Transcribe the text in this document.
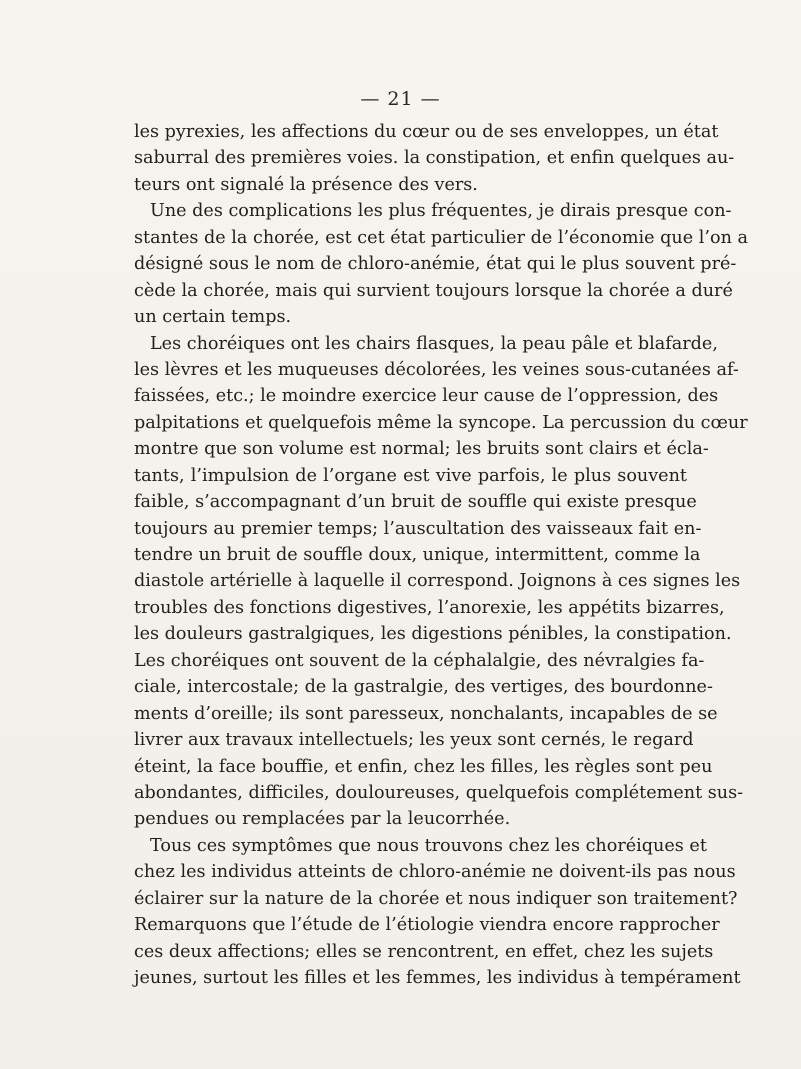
— 21 —
les pyrexies, les affections du cœur ou de ses enveloppes, un état
saburral des premières voies. la constipation, et enfin quelques au-
teurs ont signalé la présence des vers.
Une des complications les plus fréquentes, je dirais presque con-
stantes de la chorée, est cet état particulier de l’économie que l’on a
désigné sous le nom de chloro-anémie, état qui le plus souvent pré-
cède la chorée, mais qui survient toujours lorsque la chorée a duré
un certain temps.
Les choréiques ont les chairs flasques, la peau pâle et blafarde,
les lèvres et les muqueuses décolorées, les veines sous-cutanées af-
faissées, etc.; le moindre exercice leur cause de l’oppression, des
palpitations et quelquefois même la syncope. La percussion du cœur
montre que son volume est normal; les bruits sont clairs et écla-
tants, l’impulsion de l’organe est vive parfois, le plus souvent
faible, s’accompagnant d’un bruit de souffle qui existe presque
toujours au premier temps; l’auscultation des vaisseaux fait en-
tendre un bruit de souffle doux, unique, intermittent, comme la
diastole artérielle à laquelle il correspond. Joignons à ces signes les
troubles des fonctions digestives, l’anorexie, les appétits bizarres,
les douleurs gastralgiques, les digestions pénibles, la constipation.
Les choréiques ont souvent de la céphalalgie, des névralgies fa-
ciale, intercostale; de la gastralgie, des vertiges, des bourdonne-
ments d’oreille; ils sont paresseux, nonchalants, incapables de se
livrer aux travaux intellectuels; les yeux sont cernés, le regard
éteint, la face bouffie, et enfin, chez les filles, les règles sont peu
abondantes, difficiles, douloureuses, quelquefois complétement sus-
pendues ou remplacées par la leucorrhée.
Tous ces symptômes que nous trouvons chez les choréiques et
chez les individus atteints de chloro-anémie ne doivent-ils pas nous
éclairer sur la nature de la chorée et nous indiquer son traitement?
Remarquons que l’étude de l’étiologie viendra encore rapprocher
ces deux affections; elles se rencontrent, en effet, chez les sujets
jeunes, surtout les filles et les femmes, les individus à tempérament
